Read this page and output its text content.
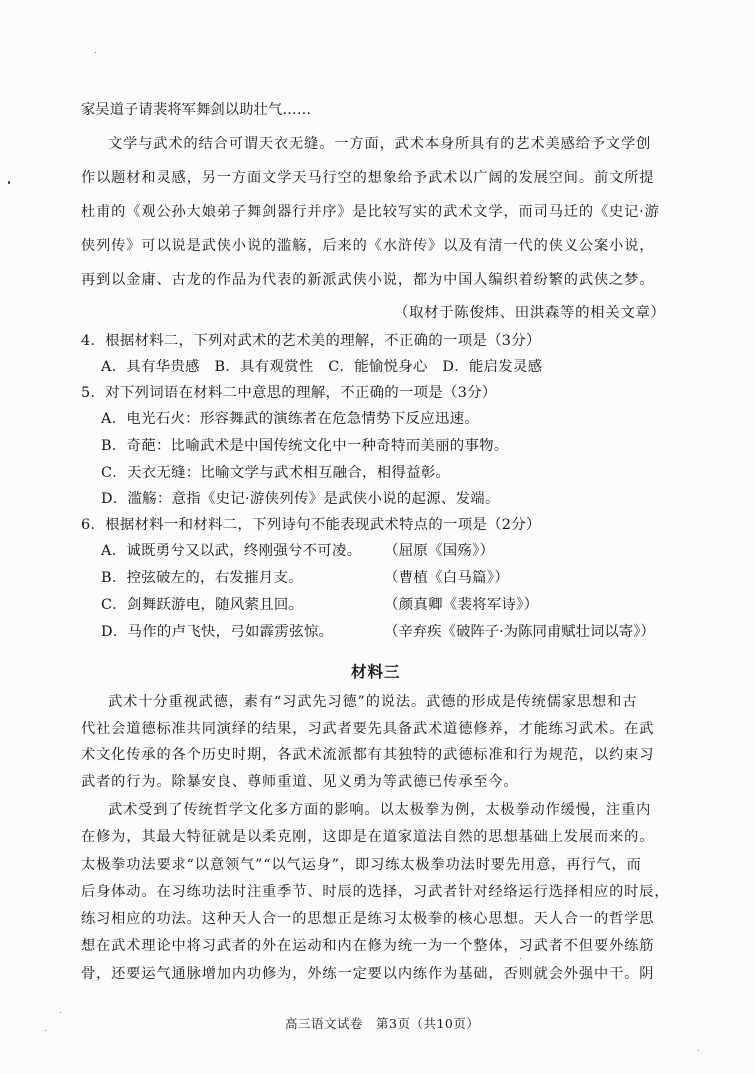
家吴道子请裴将军舞剑以助壮气……
文学与武术的结合可谓天衣无缝。一方面，武术本身所具有的艺术美感给予文学创
作以题材和灵感，另一方面文学天马行空的想象给予武术以广阔的发展空间。前文所提
杜甫的《观公孙大娘弟子舞剑器行并序》是比较写实的武术文学，而司马迁的《史记·游
侠列传》可以说是武侠小说的滥觞，后来的《水浒传》以及有清一代的侠义公案小说，
再到以金庸、古龙的作品为代表的新派武侠小说，都为中国人编织着纷繁的武侠之梦。
（取材于陈俊炜、田洪森等的相关文章）
4．根据材料二，下列对武术的艺术美的理解，不正确的一项是（3分）
A．具有华贵感　B．具有观赏性　C．能愉悦身心　D．能启发灵感
5．对下列词语在材料二中意思的理解，不正确的一项是（3分）
A．电光石火：形容舞武的演练者在危急情势下反应迅速。
B．奇葩：比喻武术是中国传统文化中一种奇特而美丽的事物。
C．天衣无缝：比喻文学与武术相互融合，相得益彰。
D．滥觞：意指《史记·游侠列传》是武侠小说的起源、发端。
6．根据材料一和材料二，下列诗句不能表现武术特点的一项是（2分）
A．诚既勇兮又以武，终刚强兮不可凌。 （屈原《国殇》）
B．控弦破左的，右发摧月支。	（曹植《白马篇》）
C．剑舞跃游电，随风萦且回。	（颜真卿《裴将军诗》）
D．马作的卢飞快，弓如霹雳弦惊。	（辛弃疾《破阵子·为陈同甫赋壮词以寄》）
材料三
武术十分重视武德，素有“习武先习德”的说法。武德的形成是传统儒家思想和古
代社会道德标准共同演绎的结果，习武者要先具备武术道德修养，才能练习武术。在武
术文化传承的各个历史时期，各武术流派都有其独特的武德标准和行为规范，以约束习
武者的行为。除暴安良、尊师重道、见义勇为等武德已传承至今。
武术受到了传统哲学文化多方面的影响。以太极拳为例，太极拳动作缓慢，注重内
在修为，其最大特征就是以柔克刚，这即是在道家道法自然的思想基础上发展而来的。
太极拳功法要求“以意领气”“以气运身”，即习练太极拳功法时要先用意，再行气，而
后身体动。在习练功法时注重季节、时辰的选择，习武者针对经络运行选择相应的时辰，
练习相应的功法。这种天人合一的思想正是练习太极拳的核心思想。天人合一的哲学思
想在武术理论中将习武者的外在运动和内在修为统一为一个整体，习武者不但要外练筋
骨，还要运气通脉增加内功修为，外练一定要以内练作为基础，否则就会外强中干。阴
高三语文试卷　第3页（共10页）
